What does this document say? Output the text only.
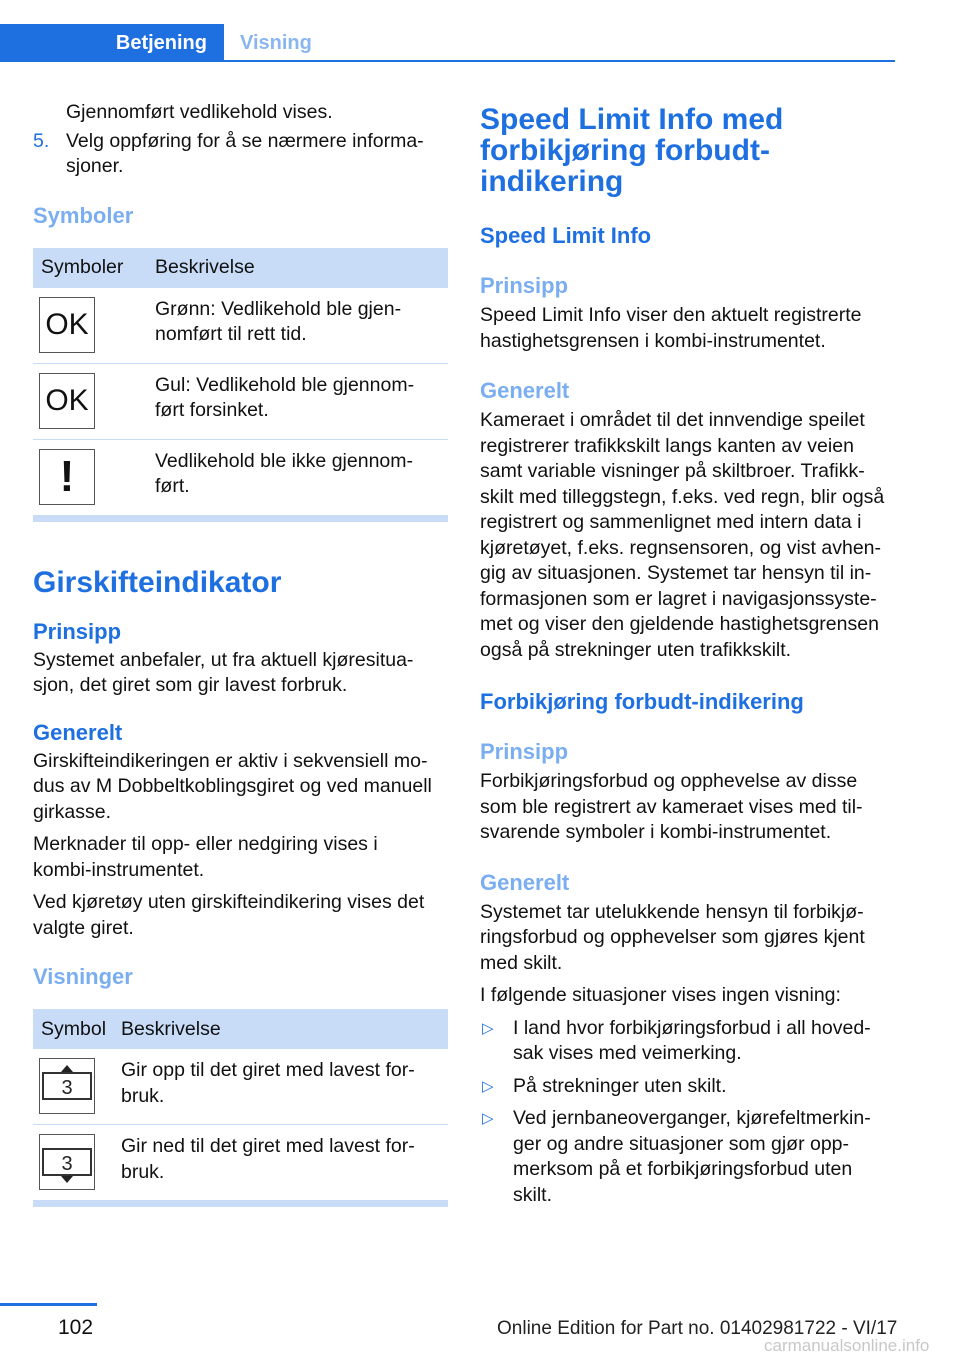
Betjening	Visning
Gjennomført vedlikehold vises.
5. Velg oppføring for å se nærmere informa‐
sjoner.
Symboler
Symboler	Beskrivelse

OK	Grønn: Vedlikehold ble gjen‐
nomført til rett tid.

OK	Gul: Vedlikehold ble gjennom‐
ført forsinket.

!	Vedlikehold ble ikke gjennom‐
ført.
Girskifteindikator
Prinsipp

Systemet anbefaler, ut fra aktuell kjøresitua‐
sjon, det giret som gir lavest forbruk.

Generelt

Girskifteindikeringen er aktiv i sekvensiell mo‐
dus av M Dobbeltkoblingsgiret og ved manuell
girkasse.

Merknader til opp- eller nedgiring vises i
kombi-instrumentet.

Ved kjøretøy uten girskifteindikering vises det
valgte giret.

Visninger
Symbol	Beskrivelse

3	Gir opp til det giret med lavest for‐
bruk.

3	Gir ned til det giret med lavest for‐
bruk.
Speed Limit Info med
forbikjøring forbudt‐
indikering
Speed Limit Info
Prinsipp

Speed Limit Info viser den aktuelt registrerte
hastighetsgrensen i kombi-instrumentet.

Generelt

Kameraet i området til det innvendige speilet
registrerer trafikkskilt langs kanten av veien
samt variable visninger på skiltbroer. Trafikk‐
skilt med tilleggstegn, f.eks. ved regn, blir også
registrert og sammenlignet med intern data i
kjøretøyet, f.eks. regnsensoren, og vist avhen‐
gig av situasjonen. Systemet tar hensyn til in‐
formasjonen som er lagret i navigasjonssyste‐
met og viser den gjeldende hastighetsgrensen
også på strekninger uten trafikkskilt.

Forbikjøring forbudt-indikering
Prinsipp

Forbikjøringsforbud og opphevelse av disse
som ble registrert av kameraet vises med til‐
svarende symboler i kombi-instrumentet.

Generelt

Systemet tar utelukkende hensyn til forbikjø‐
ringsforbud og opphevelser som gjøres kjent
med skilt.

I følgende situasjoner vises ingen visning:

▷ I land hvor forbikjøringsforbud i all hoved‐
sak vises med veimerking.
▷ På strekninger uten skilt.
▷ Ved jernbaneoverganger, kjørefeltmerkin‐
ger og andre situasjoner som gjør opp‐
merksom på et forbikjøringsforbud uten
skilt.
102	Online Edition for Part no. 01402981722 - VI/17
carmanualsonline.info
